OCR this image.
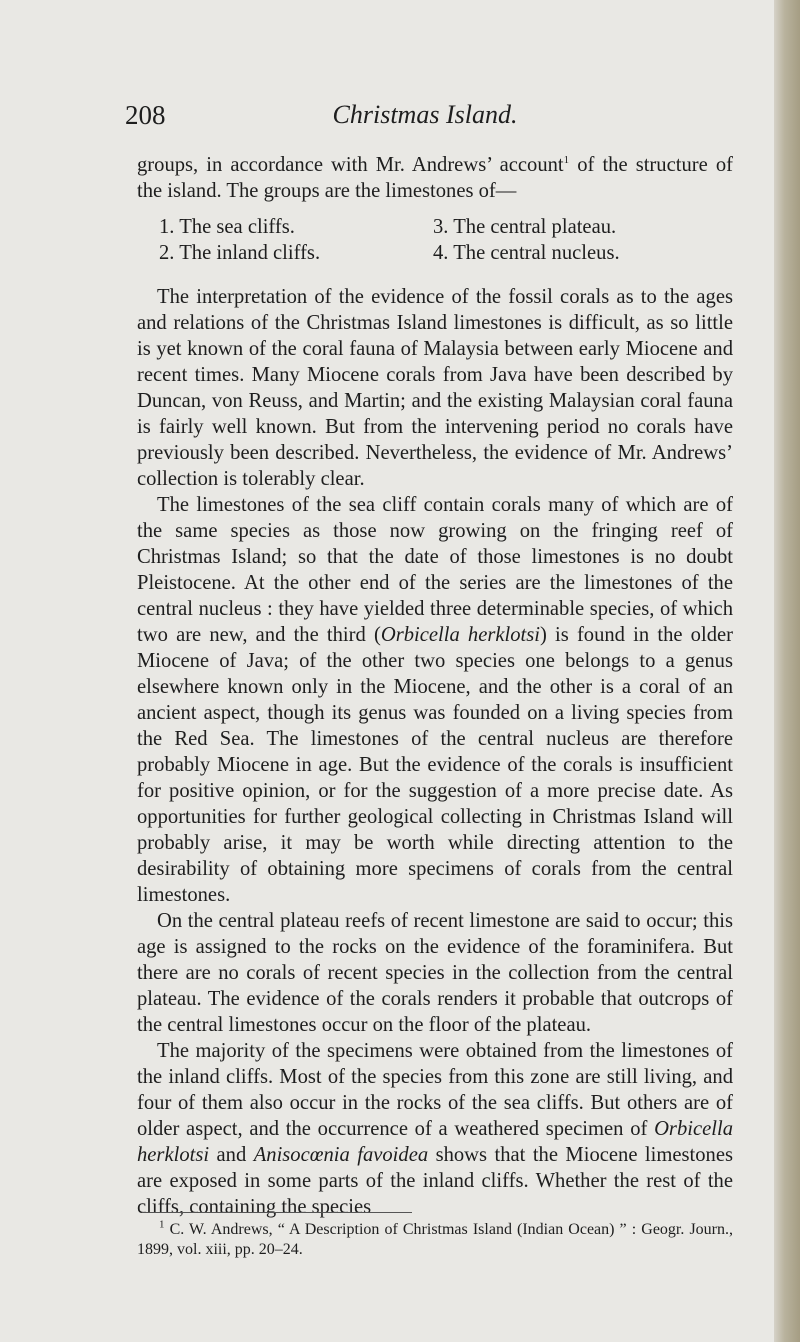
208	Christmas Island.

groups, in accordance with Mr. Andrews’ account$^1$ of the structure of the island. The groups are the limestones of—

1. The sea cliffs.	3. The central plateau.
2. The inland cliffs.	4. The central nucleus.

The interpretation of the evidence of the fossil corals as to the ages and relations of the Christmas Island limestones is difficult, as so little is yet known of the coral fauna of Malaysia between early Miocene and recent times. Many Miocene corals from Java have been described by Duncan, von Reuss, and Martin; and the existing Malaysian coral fauna is fairly well known. But from the intervening period no corals have previously been described. Nevertheless, the evidence of Mr. Andrews’ collection is tolerably clear.

The limestones of the sea cliff contain corals many of which are of the same species as those now growing on the fringing reef of Christmas Island; so that the date of those limestones is no doubt Pleistocene. At the other end of the series are the limestones of the central nucleus : they have yielded three determinable species, of which two are new, and the third (Orbicella herklotsi) is found in the older Miocene of Java; of the other two species one belongs to a genus elsewhere known only in the Miocene, and the other is a coral of an ancient aspect, though its genus was founded on a living species from the Red Sea. The limestones of the central nucleus are therefore probably Miocene in age. But the evidence of the corals is insufficient for positive opinion, or for the suggestion of a more precise date. As opportunities for further geological collecting in Christmas Island will probably arise, it may be worth while directing attention to the desirability of obtaining more specimens of corals from the central limestones.

On the central plateau reefs of recent limestone are said to occur; this age is assigned to the rocks on the evidence of the foraminifera. But there are no corals of recent species in the collection from the central plateau. The evidence of the corals renders it probable that outcrops of the central limestones occur on the floor of the plateau.

The majority of the specimens were obtained from the limestones of the inland cliffs. Most of the species from this zone are still living, and four of them also occur in the rocks of the sea cliffs. But others are of older aspect, and the occurrence of a weathered specimen of Orbicella herklotsi and Anisocœnia favoidea shows that the Miocene limestones are exposed in some parts of the inland cliffs. Whether the rest of the cliffs, containing the species

$^1$ C. W. Andrews, “ A Description of Christmas Island (Indian Ocean) ” : Geogr. Journ., 1899, vol. xiii, pp. 20–24.
